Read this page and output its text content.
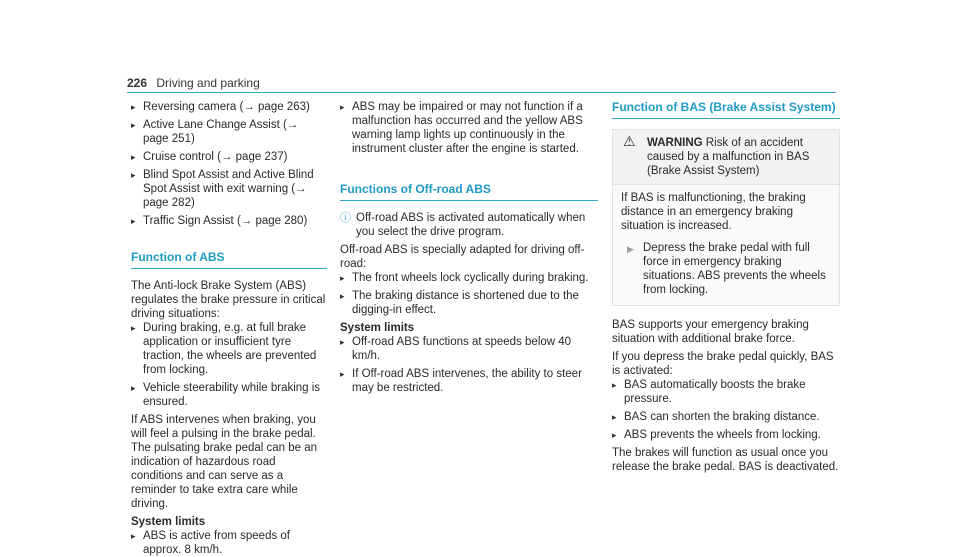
226 Driving and parking
▸ Reversing camera (→ page 263)
▸ Active Lane Change Assist (→ page 251)
▸ Cruise control (→ page 237)
▸ Blind Spot Assist and Active Blind Spot Assist with exit warning (→ page 282)
▸ Traffic Sign Assist (→ page 280)
Function of ABS

The Anti-lock Brake System (ABS) regulates the brake pressure in critical driving situations:

▸ During braking, e.g. at full brake application or insufficient tyre traction, the wheels are prevented from locking.
▸ Vehicle steerability while braking is ensured.

If ABS intervenes when braking, you will feel a pulsing in the brake pedal. The pulsating brake pedal can be an indication of hazardous road conditions and can serve as a reminder to take extra care while driving.

System limits

▸ ABS is active from speeds of approx. 8 km/h.
▸ ABS may be impaired or may not function if a malfunction has occurred and the yellow ABS warning lamp lights up continuously in the instrument cluster after the engine is started.
Functions of Off-road ABS
ⓘ Off-road ABS is activated automatically when you select the drive program.

Off-road ABS is specially adapted for driving off-road:

▸ The front wheels lock cyclically during braking.
▸ The braking distance is shortened due to the digging-in effect.

System limits

▸ Off-road ABS functions at speeds below 40 km/h.
▸ If Off-road ABS intervenes, the ability to steer may be restricted.
Function of BAS (Brake Assist System)
⚠ WARNING Risk of an accident caused by a malfunction in BAS (Brake Assist System)

If BAS is malfunctioning, the braking distance in an emergency braking situation is increased.

▶ Depress the brake pedal with full force in emergency braking situations. ABS prevents the wheels from locking.

BAS supports your emergency braking situation with additional brake force.

If you depress the brake pedal quickly, BAS is activated:

▸ BAS automatically boosts the brake pressure.
▸ BAS can shorten the braking distance.
▸ ABS prevents the wheels from locking.

The brakes will function as usual once you release the brake pedal. BAS is deactivated.
